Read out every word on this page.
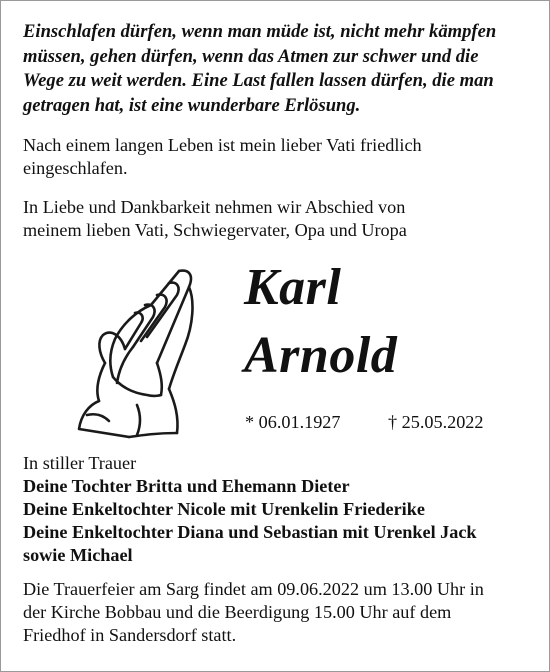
Einschlafen dürfen, wenn man müde ist, nicht mehr kämpfen
müssen, gehen dürfen, wenn das Atmen zur schwer und die
Wege zu weit werden. Eine Last fallen lassen dürfen, die man
getragen hat, ist eine wunderbare Erlösung.
Nach einem langen Leben ist mein lieber Vati friedlich
eingeschlafen.
In Liebe und Dankbarkeit nehmen wir Abschied von
meinem lieben Vati, Schwiegervater, Opa und Uropa
Karl
Arnold
* 06.01.1927	† 25.05.2022
In stiller Trauer
Deine Tochter Britta und Ehemann Dieter
Deine Enkeltochter Nicole mit Urenkelin Friederike
Deine Enkeltochter Diana und Sebastian mit Urenkel Jack
sowie Michael
Die Trauerfeier am Sarg findet am 09.06.2022 um 13.00 Uhr in
der Kirche Bobbau und die Beerdigung 15.00 Uhr auf dem
Friedhof in Sandersdorf statt.
